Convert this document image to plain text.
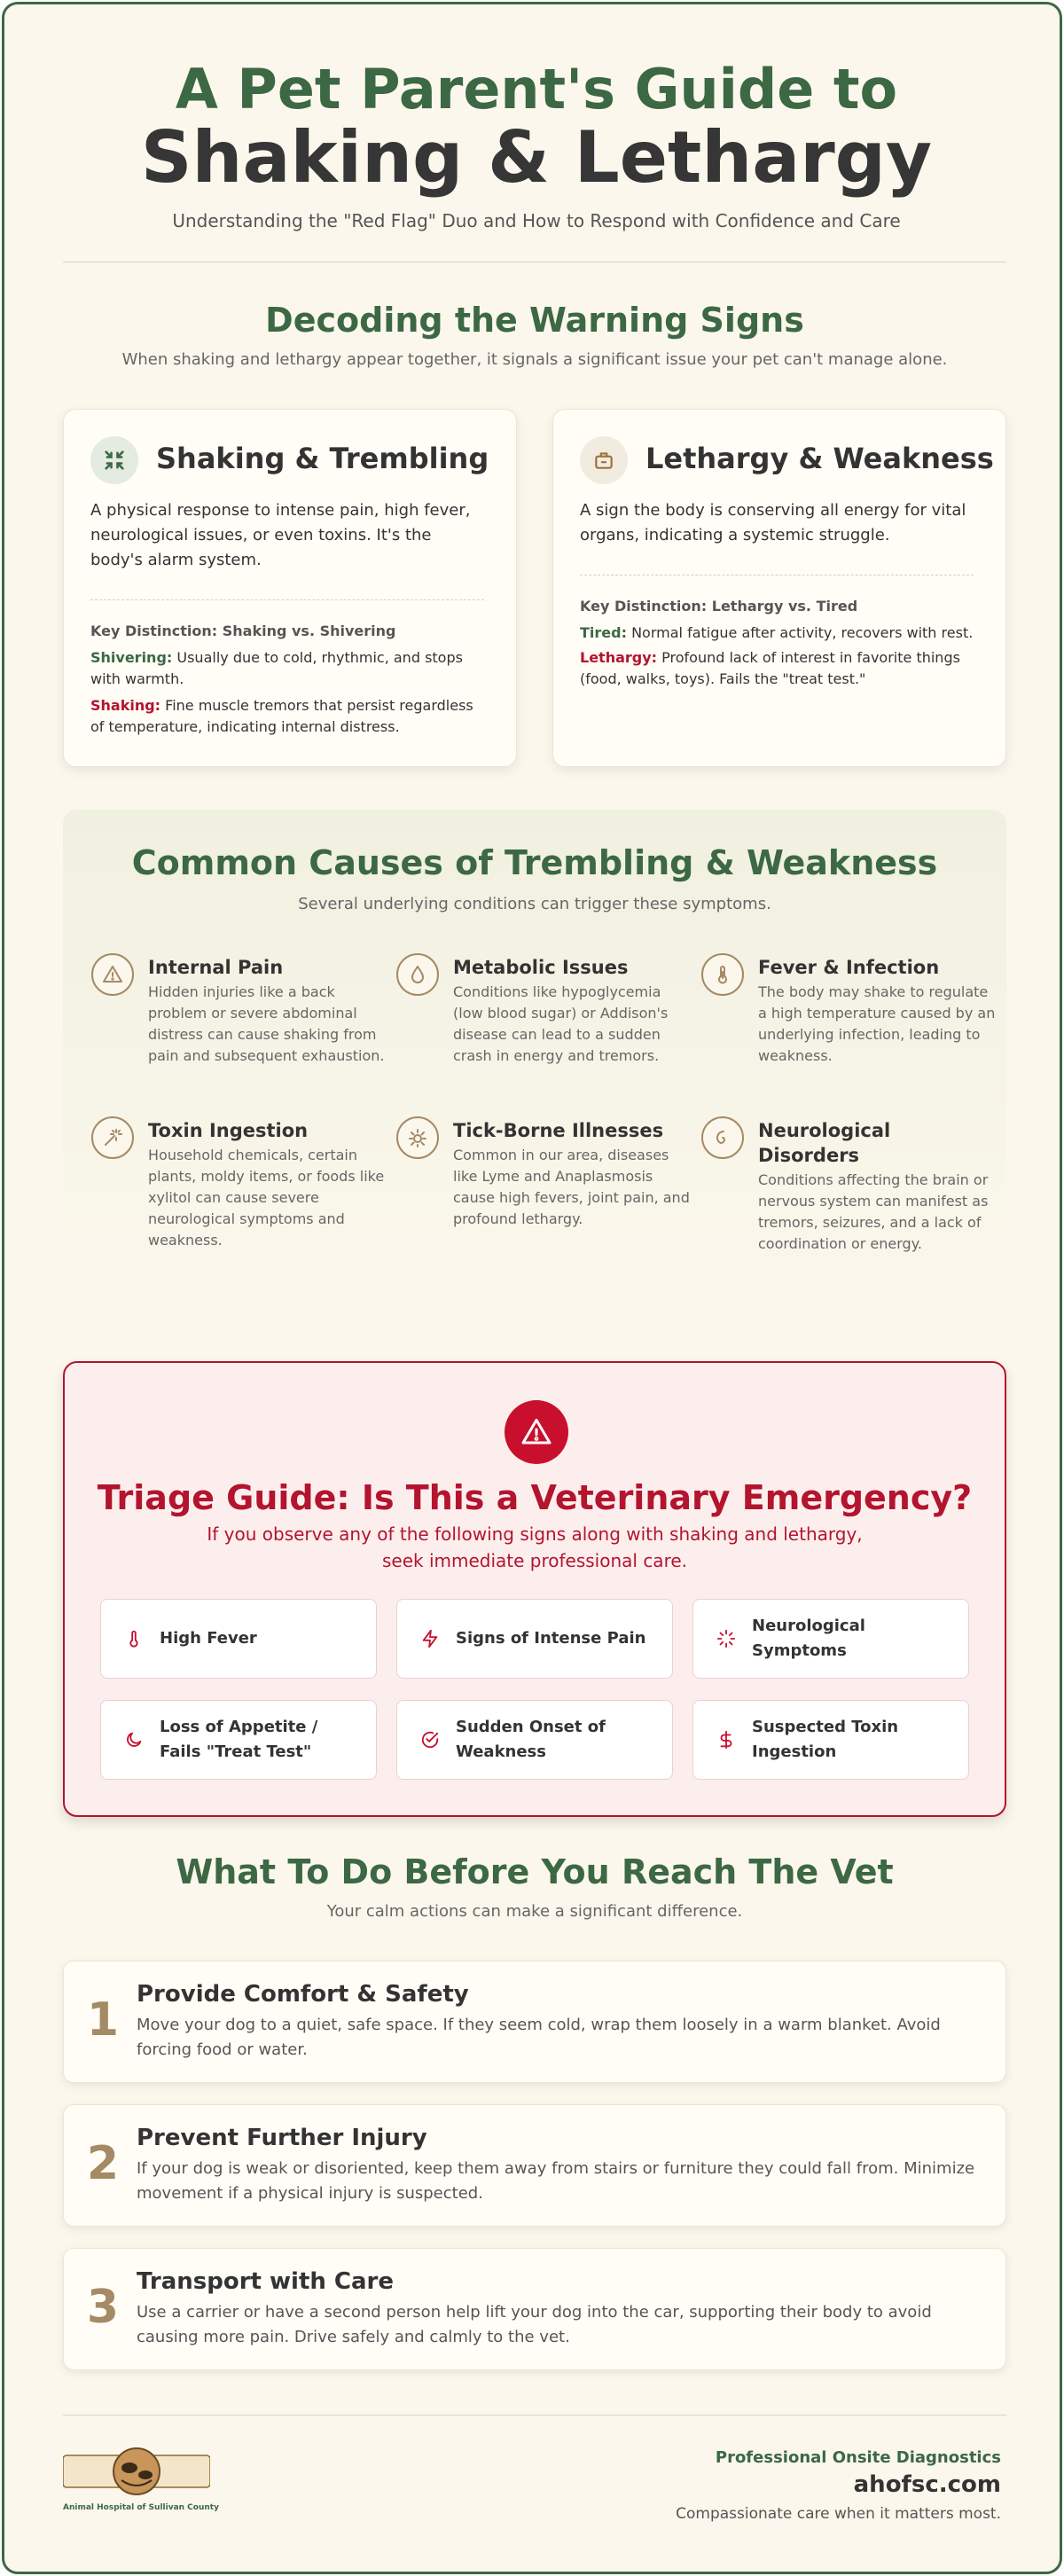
A Pet Parent's Guide to
Shaking & Lethargy
Understanding the "Red Flag" Duo and How to Respond with Confidence and Care
Decoding the Warning Signs
When shaking and lethargy appear together, it signals a significant issue your pet can't manage alone.
Shaking & Trembling
A physical response to intense pain, high fever, neurological issues, or even toxins. It's the body's alarm system.
Key Distinction: Shaking vs. Shivering
Shivering: Usually due to cold, rhythmic, and stops with warmth.
Shaking: Fine muscle tremors that persist regardless of temperature, indicating internal distress.
Lethargy & Weakness
A sign the body is conserving all energy for vital organs, indicating a systemic struggle.
Key Distinction: Lethargy vs. Tired
Tired: Normal fatigue after activity, recovers with rest.
Lethargy: Profound lack of interest in favorite things (food, walks, toys). Fails the "treat test."
Common Causes of Trembling & Weakness
Several underlying conditions can trigger these symptoms.
Internal Pain
Hidden injuries like a back problem or severe abdominal distress can cause shaking from pain and subsequent exhaustion.
Metabolic Issues
Conditions like hypoglycemia (low blood sugar) or Addison's disease can lead to a sudden crash in energy and tremors.
Fever & Infection
The body may shake to regulate a high temperature caused by an underlying infection, leading to weakness.
Toxin Ingestion
Household chemicals, certain plants, moldy items, or foods like xylitol can cause severe neurological symptoms and weakness.
Tick-Borne Illnesses
Common in our area, diseases like Lyme and Anaplasmosis cause high fevers, joint pain, and profound lethargy.
Neurological Disorders
Conditions affecting the brain or nervous system can manifest as tremors, seizures, and a lack of coordination or energy.
Triage Guide: Is This a Veterinary Emergency?
If you observe any of the following signs along with shaking and lethargy,
seek immediate professional care.
High Fever	Signs of Intense Pain
Neurological Symptoms
Loss of Appetite / Fails "Treat Test"
Sudden Onset of Weakness
Suspected Toxin Ingestion
What To Do Before You Reach The Vet
Your calm actions can make a significant difference.
1 Provide Comfort & Safety
Move your dog to a quiet, safe space. If they seem cold, wrap them loosely in a warm blanket. Avoid forcing food or water.
2 Prevent Further Injury
If your dog is weak or disoriented, keep them away from stairs or furniture they could fall from. Minimize movement if a physical injury is suspected.
3 Transport with Care
Use a carrier or have a second person help lift your dog into the car, supporting their body to avoid causing more pain. Drive safely and calmly to the vet.
Animal Hospital of Sullivan County
Professional Onsite Diagnostics
ahofsc.com
Compassionate care when it matters most.
